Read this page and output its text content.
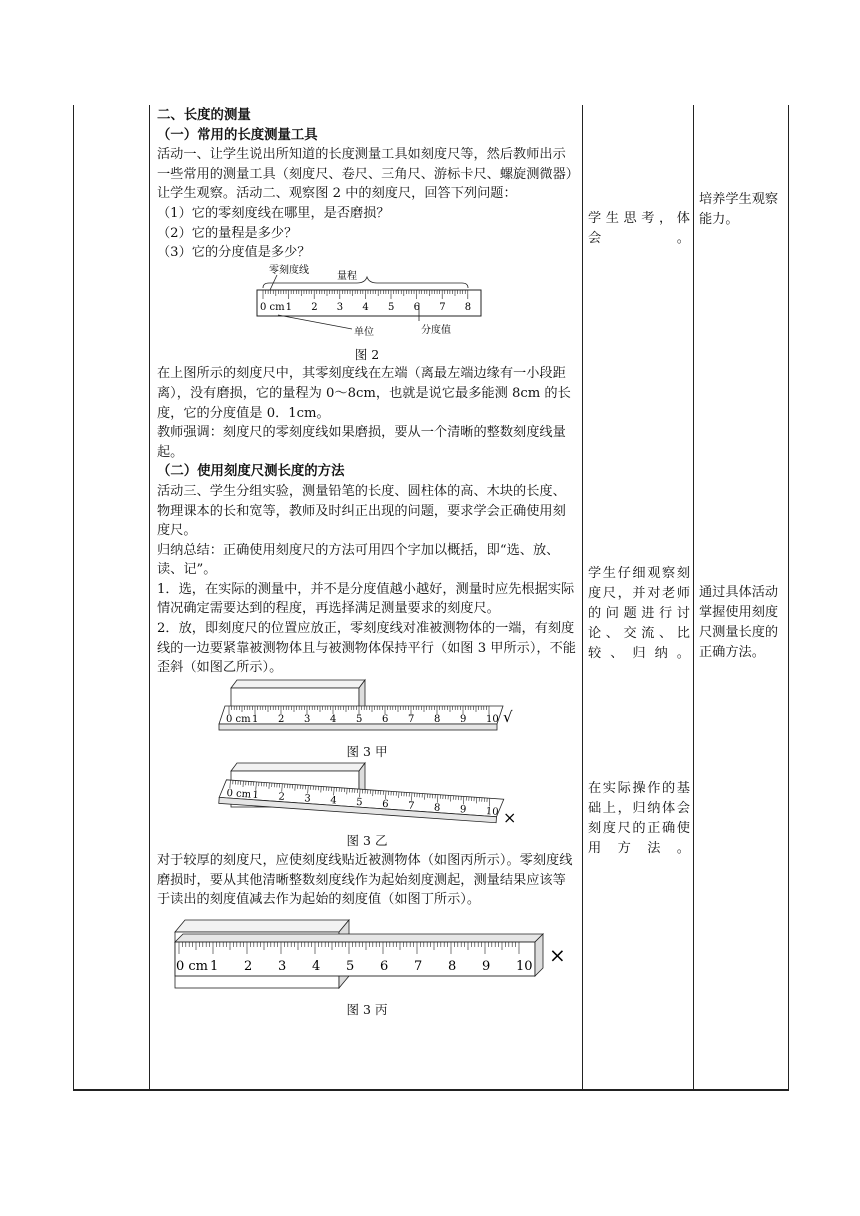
二、长度的测量

（一）常用的长度测量工具

活动一、让学生说出所知道的长度测量工具如刻度尺等，然后教师出示一些常用的测量工具（刻度尺、卷尺、三角尺、游标卡尺、螺旋测微器）让学生观察。活动二、观察图 2 中的刻度尺，回答下列问题：

（1）它的零刻度线在哪里，是否磨损？

（2）它的量程是多少？

（3）它的分度值是多少？

零刻度线
量程
0 cm 1 2 3 4 5 6 7 8
分度值
单位

图 2

在上图所示的刻度尺中，其零刻度线在左端（离最左端边缘有一小段距离），没有磨损，它的量程为 0～8cm，也就是说它最多能测 8cm 的长度，它的分度值是 0．1cm。

教师强调：刻度尺的零刻度线如果磨损，要从一个清晰的整数刻度线量起。

（二）使用刻度尺测长度的方法

活动三、学生分组实验，测量铅笔的长度、圆柱体的高、木块的长度、物理课本的长和宽等，教师及时纠正出现的问题，要求学会正确使用刻度尺。

归纳总结：正确使用刻度尺的方法可用四个字加以概括，即“选、放、读、记”。

1．选，在实际的测量中，并不是分度值越小越好，测量时应先根据实际情况确定需要达到的程度，再选择满足测量要求的刻度尺。

2．放，即刻度尺的位置应放正，零刻度线对准被测物体的一端，有刻度线的一边要紧靠被测物体且与被测物体保持平行（如图 3 甲所示），不能歪斜（如图乙所示）。

0 cm 1 2 3 4 5 6 7 8 9 10 √

图 3 甲

0 cm 1 2 3 4 5 6 7 8 9 10 ×

图 3 乙

对于较厚的刻度尺，应使刻度线贴近被测物体（如图丙所示）。零刻度线磨损时，要从其他清晰整数刻度线作为起始刻度测起，测量结果应该等于读出的刻度值减去作为起始的刻度值（如图丁所示）。

0 cm 1 2 3 4 5 6 7 8 9 10 ×

图 3 丙

学生思考，体会。

学生仔细观察刻度尺，并对老师的问题进行讨论、交流、比较、归纳。

在实际操作的基础上，归纳体会刻度尺的正确使用方法。

培养学生观察能力。

通过具体活动掌握使用刻度尺测量长度的正确方法。
